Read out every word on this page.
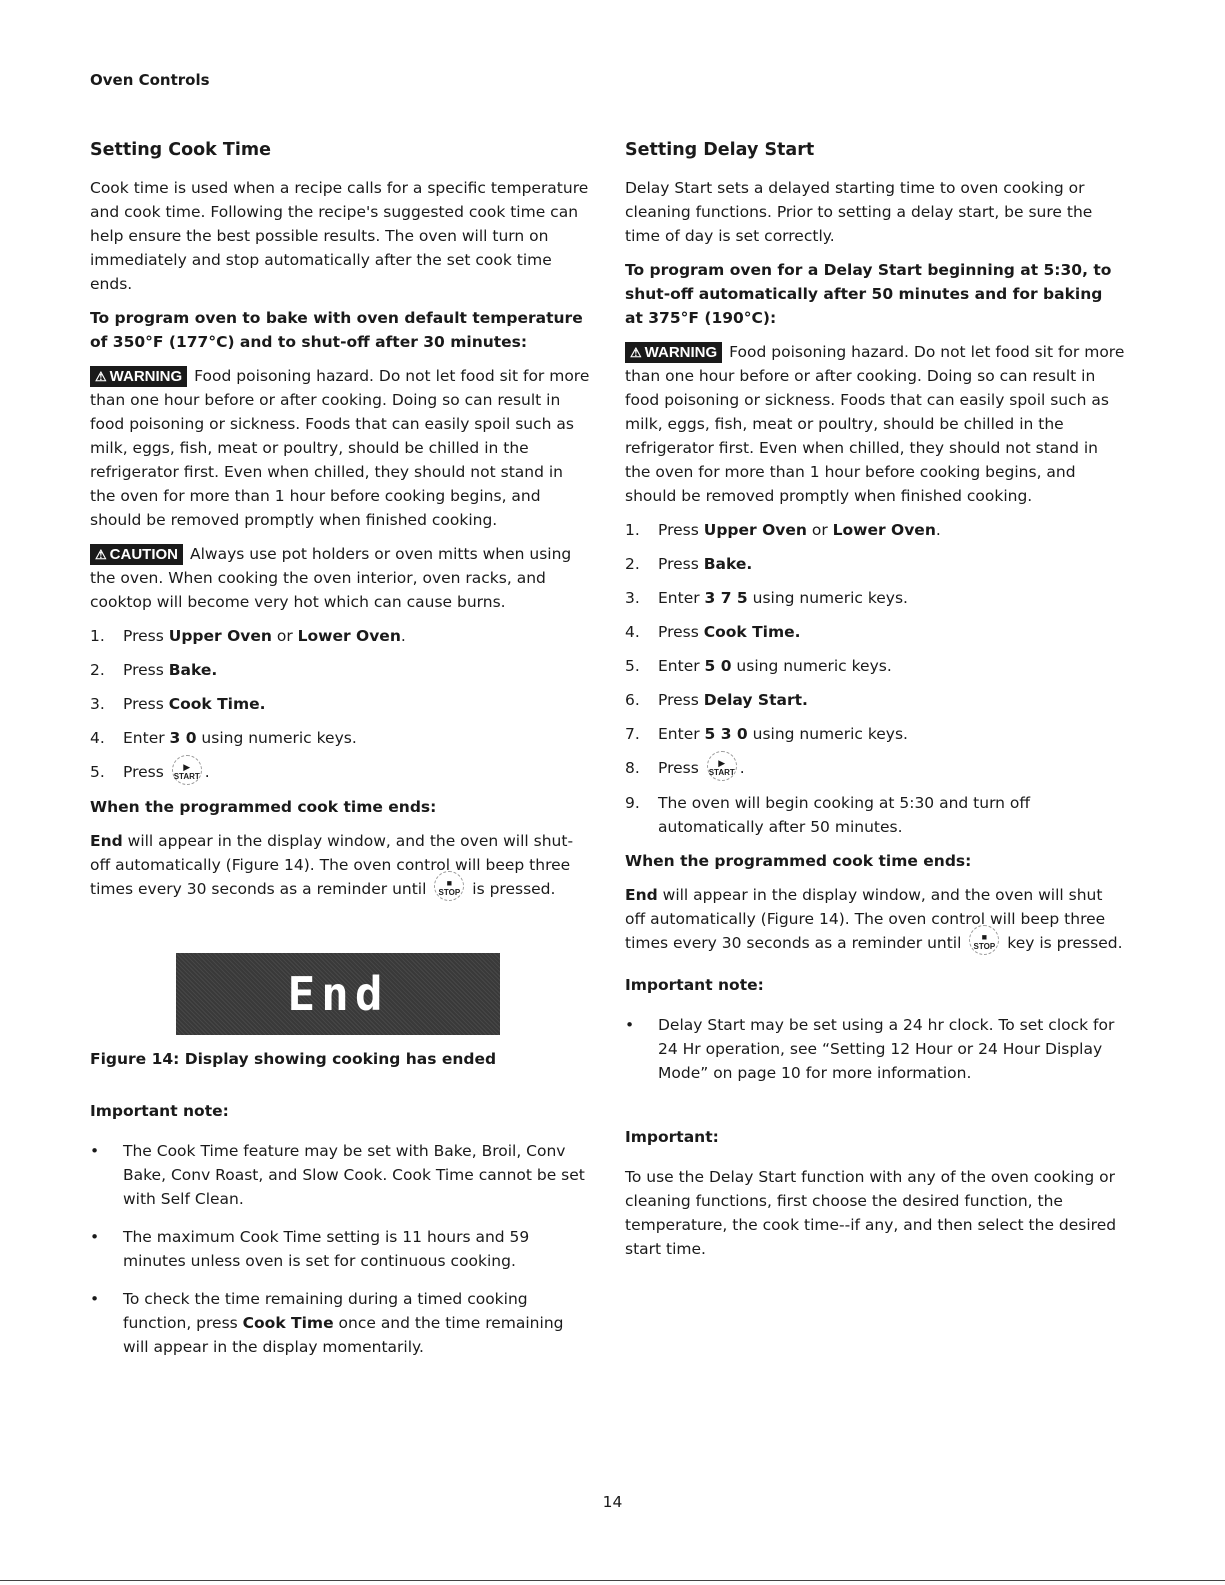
Oven Controls
Setting Cook Time

Cook time is used when a recipe calls for a specific temperature and cook time. Following the recipe's suggested cook time can help ensure the best possible results. The oven will turn on immediately and stop automatically after the set cook time ends.

To program oven to bake with oven default temperature of 350°F (177°C) and to shut-off after 30 minutes:

⚠ WARNING Food poisoning hazard. Do not let food sit for more than one hour before or after cooking. Doing so can result in food poisoning or sickness. Foods that can easily spoil such as milk, eggs, fish, meat or poultry, should be chilled in the refrigerator first. Even when chilled, they should not stand in the oven for more than 1 hour before cooking begins, and should be removed promptly when finished cooking.

⚠ CAUTION Always use pot holders or oven mitts when using the oven. When cooking the oven interior, oven racks, and cooktop will become very hot which can cause burns.

1. Press Upper Oven or Lower Oven.
2. Press Bake.
3. Press Cook Time.
4. Enter 3 0 using numeric keys.
5. Press	▶
START .

When the programmed cook time ends:

End will appear in the display window, and the oven will shut-off automatically (Figure 14). The oven control will beep three times every 30 seconds as a reminder until	■
STOP is pressed.

End

Figure 14: Display showing cooking has ended

Important note:

• The Cook Time feature may be set with Bake, Broil, Conv Bake, Conv Roast, and Slow Cook. Cook Time cannot be set with Self Clean.
• The maximum Cook Time setting is 11 hours and 59 minutes unless oven is set for continuous cooking.
• To check the time remaining during a timed cooking function, press Cook Time once and the time remaining will appear in the display momentarily.
Setting Delay Start

Delay Start sets a delayed starting time to oven cooking or cleaning functions. Prior to setting a delay start, be sure the time of day is set correctly.

To program oven for a Delay Start beginning at 5:30, to shut-off automatically after 50 minutes and for baking at 375°F (190°C):

⚠ WARNING Food poisoning hazard. Do not let food sit for more than one hour before or after cooking. Doing so can result in food poisoning or sickness. Foods that can easily spoil such as milk, eggs, fish, meat or poultry, should be chilled in the refrigerator first. Even when chilled, they should not stand in the oven for more than 1 hour before cooking begins, and should be removed promptly when finished cooking.

1. Press Upper Oven or Lower Oven.
2. Press Bake.
3. Enter 3 7 5 using numeric keys.
4. Press Cook Time.
5. Enter 5 0 using numeric keys.
6. Press Delay Start.
7. Enter 5 3 0 using numeric keys.
8. Press	▶
START .
9. The oven will begin cooking at 5:30 and turn off automatically after 50 minutes.

When the programmed cook time ends:

End will appear in the display window, and the oven will shut off automatically (Figure 14). The oven control will beep three times every 30 seconds as a reminder until	■
STOP key is pressed.

Important note:

• Delay Start may be set using a 24 hr clock. To set clock for 24 Hr operation, see “Setting 12 Hour or 24 Hour Display Mode” on page 10 for more information.

Important:

To use the Delay Start function with any of the oven cooking or cleaning functions, first choose the desired function, the temperature, the cook time--if any, and then select the desired start time.

14
